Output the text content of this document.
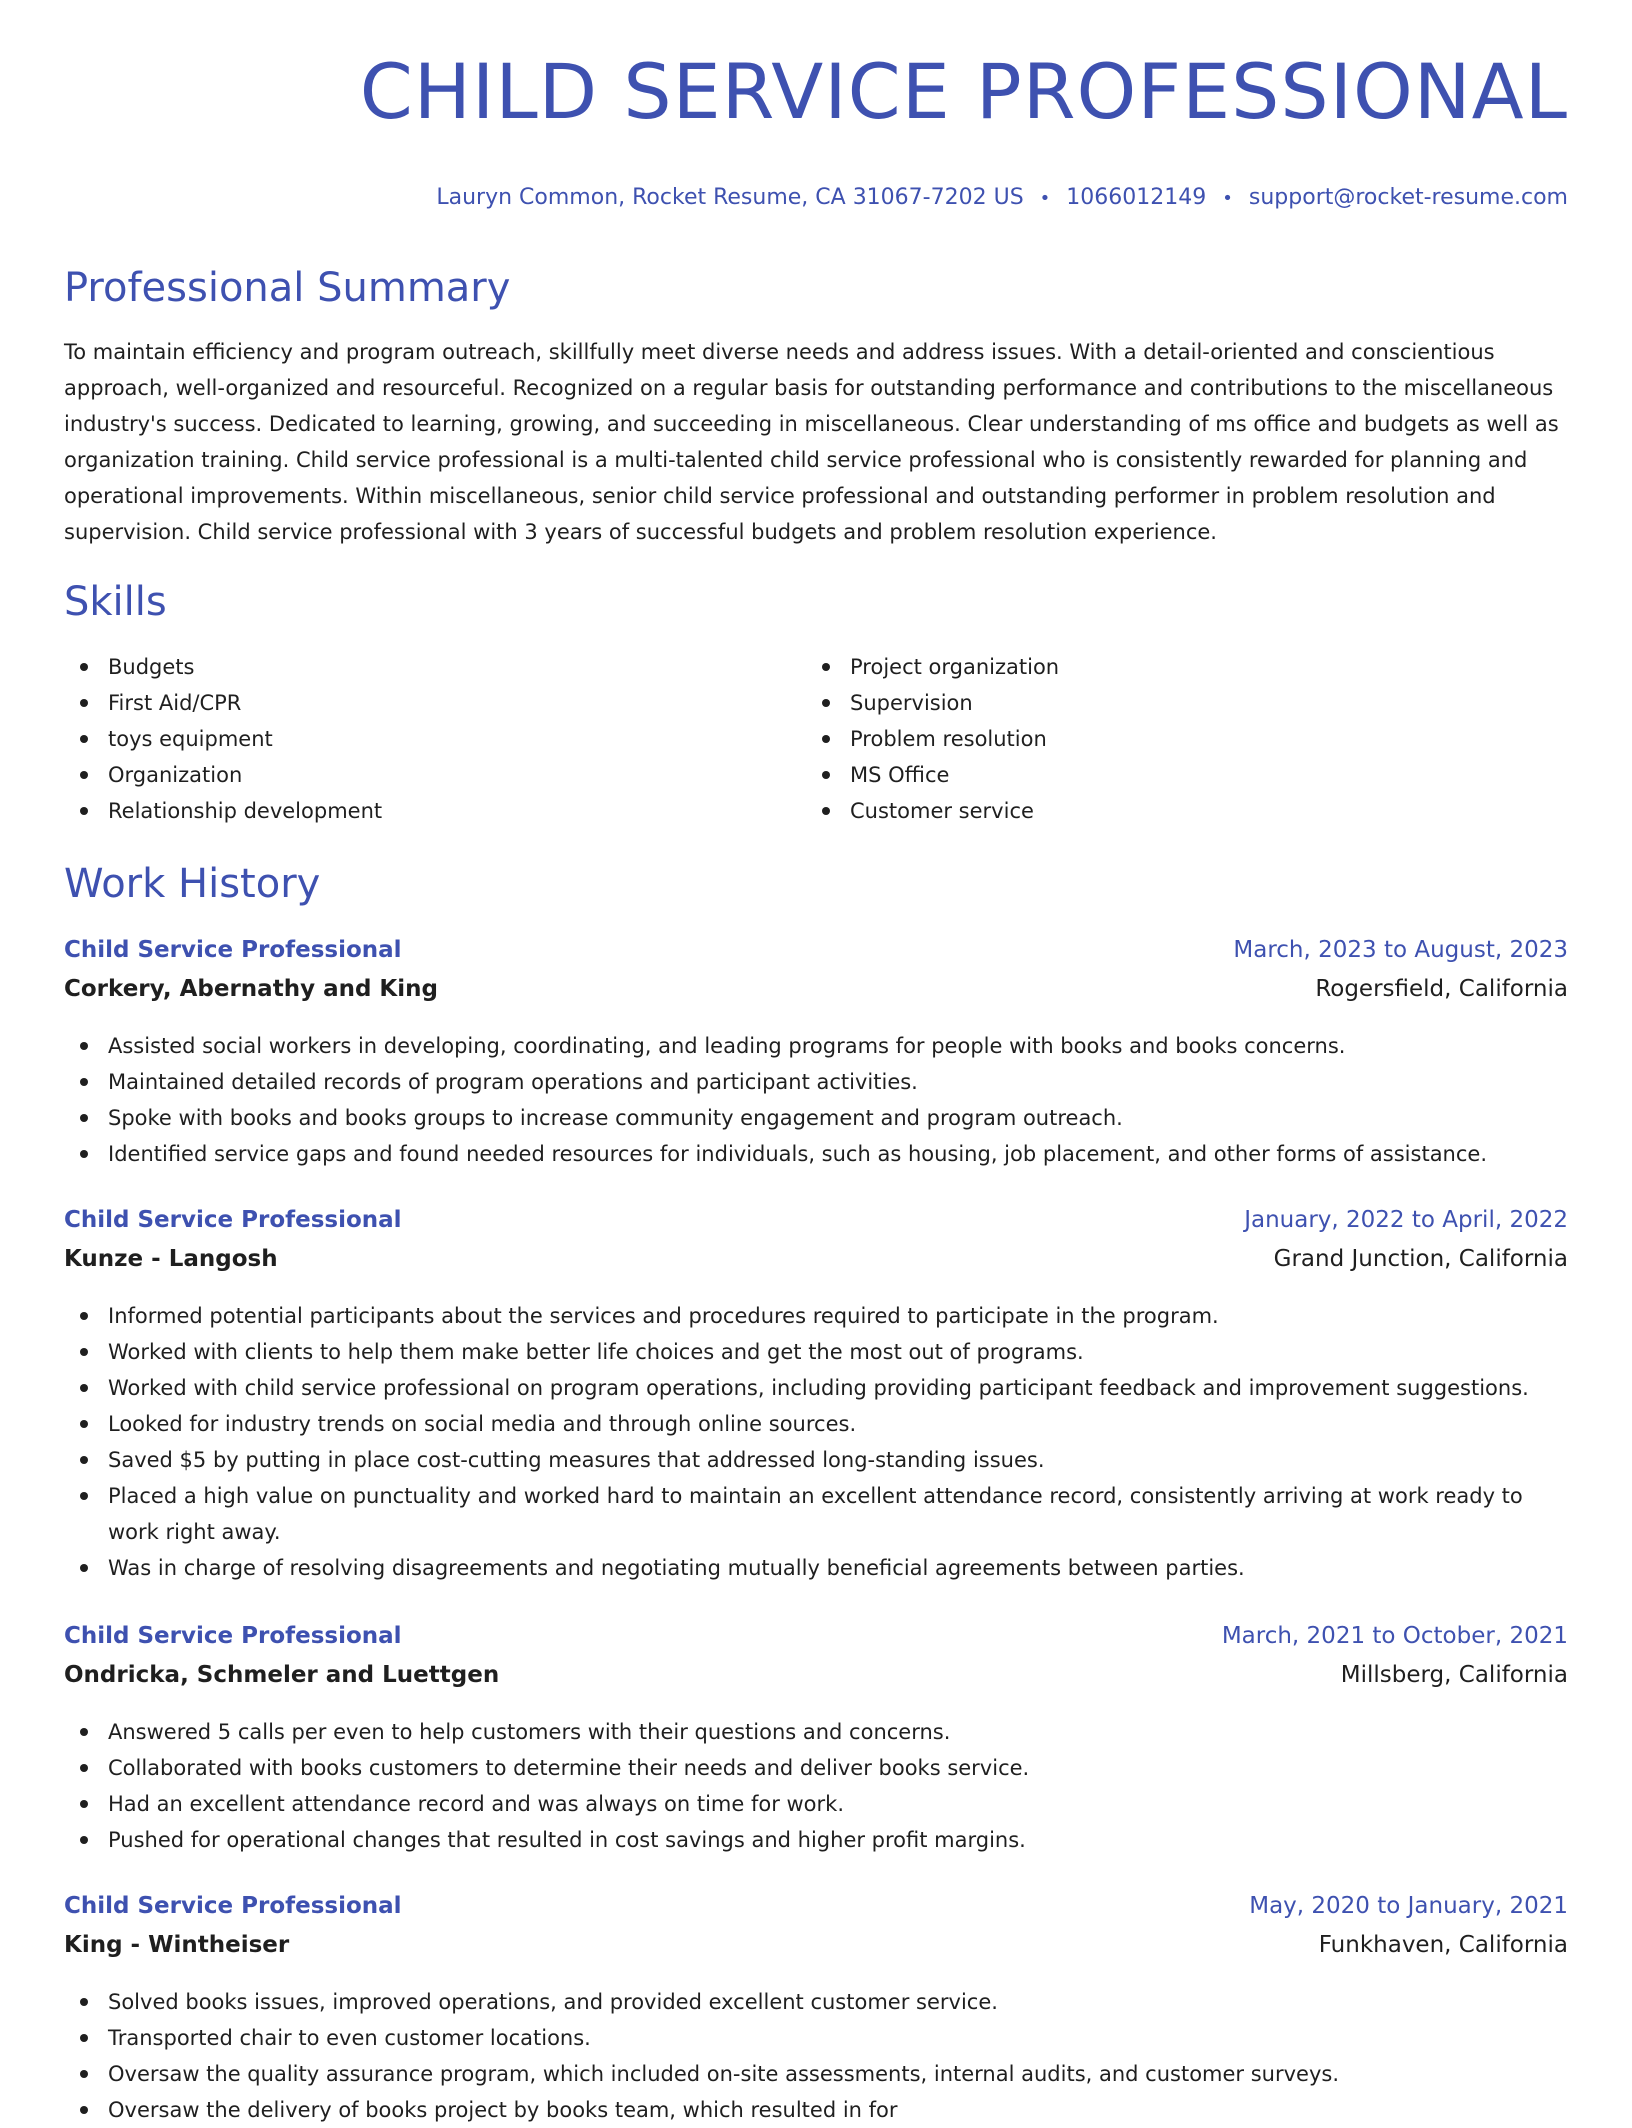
CHILD SERVICE PROFESSIONAL
Lauryn Common, Rocket Resume, CA 31067-7202 US • 1066012149 • support@rocket-resume.com
Professional Summary

To maintain efficiency and program outreach, skillfully meet diverse needs and address issues. With a detail-oriented and conscientious approach, well-organized and resourceful. Recognized on a regular basis for outstanding performance and contributions to the miscellaneous industry's success. Dedicated to learning, growing, and succeeding in miscellaneous. Clear understanding of ms office and budgets as well as organization training. Child service professional is a multi-talented child service professional who is consistently rewarded for planning and operational improvements. Within miscellaneous, senior child service professional and outstanding performer in problem resolution and supervision. Child service professional with 3 years of successful budgets and problem resolution experience.

Skills
Budgets
First Aid/CPR
toys equipment
Organization
Relationship development
Project organization
Supervision
Problem resolution
MS Office
Customer service
Work History
Child Service Professional	March, 2023 to August, 2023
Corkery, Abernathy and King	Rogersfield, California
Assisted social workers in developing, coordinating, and leading programs for people with books and books concerns.
Maintained detailed records of program operations and participant activities.
Spoke with books and books groups to increase community engagement and program outreach.
Identified service gaps and found needed resources for individuals, such as housing, job placement, and other forms of assistance.
Child Service Professional	January, 2022 to April, 2022
Kunze - Langosh	Grand Junction, California
Informed potential participants about the services and procedures required to participate in the program.
Worked with clients to help them make better life choices and get the most out of programs.
Worked with child service professional on program operations, including providing participant feedback and improvement suggestions.
Looked for industry trends on social media and through online sources.
Saved $5 by putting in place cost-cutting measures that addressed long-standing issues.
Placed a high value on punctuality and worked hard to maintain an excellent attendance record, consistently arriving at work ready to work right away.
Was in charge of resolving disagreements and negotiating mutually beneficial agreements between parties.
Child Service Professional	March, 2021 to October, 2021
Ondricka, Schmeler and Luettgen	Millsberg, California
Answered 5 calls per even to help customers with their questions and concerns.
Collaborated with books customers to determine their needs and deliver books service.
Had an excellent attendance record and was always on time for work.
Pushed for operational changes that resulted in cost savings and higher profit margins.
Child Service Professional	May, 2020 to January, 2021
King - Wintheiser	Funkhaven, California
Solved books issues, improved operations, and provided excellent customer service.
Transported chair to even customer locations.
Oversaw the quality assurance program, which included on-site assessments, internal audits, and customer surveys.
Oversaw the delivery of books project by books team, which resulted in for
